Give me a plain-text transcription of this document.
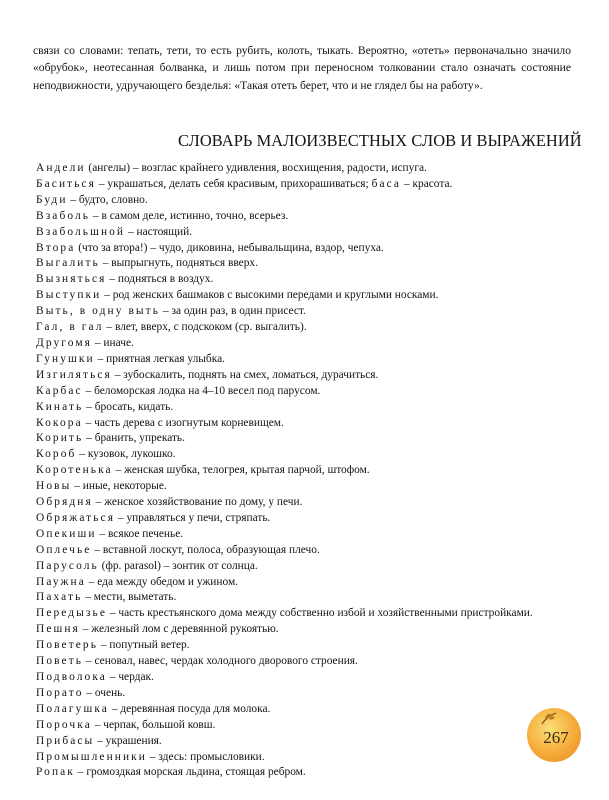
связи со словами: тепать, тети, то есть рубить, колоть, тыкать. Вероятно, «отеть» первоначально значило «обрубок», неотесанная болванка, и лишь потом при переносном толковании стало означать состояние неподвижности, удручающего безделья: «Такая отеть берет, что и не глядел бы на работу».

СЛОВАРЬ МАЛОИЗВЕСТНЫХ СЛОВ И ВЫРАЖЕНИЙ
Андели (ангелы) – возглас крайнего удивления, восхищения, радости, испуга.
Баситься – украшаться, делать себя красивым, прихорашиваться; баса – красота.
Буди – будто, словно.
Взаболь – в самом деле, истинно, точно, всерьез.
Взабольшной – настоящий.
Втора (что за втора!) – чудо, диковина, небывальщина, вздор, чепуха.
Выгалить – выпрыгнуть, подняться вверх.
Вызняться – подняться в воздух.
Выступки – род женских башмаков с высокими передами и круглыми носками.
Выть, в одну выть – за один раз, в один присест.
Гал, в гал – влет, вверх, с подскоком (ср. выгалить).
Другомя – иначе.
Гунушки – приятная легкая улыбка.
Изгиляться – зубоскалить, поднять на смех, ломаться, дурачиться.
Карбас – беломорская лодка на 4–10 весел под парусом.
Кинать – бросать, кидать.
Кокора – часть дерева с изогнутым корневищем.
Корить – бранить, упрекать.
Короб – кузовок, лукошко.
Коротенька – женская шубка, телогрея, крытая парчой, штофом.
Новы – иные, некоторые.
Обрядня – женское хозяйствование по дому, у печи.
Обряжаться – управляться у печи, стряпать.
Опекиши – всякое печенье.
Оплечье – вставной лоскут, полоса, образующая плечо.
Парусоль (фр. parasol) – зонтик от солнца.
Паужна – еда между обедом и ужином.
Пахать – мести, выметать.
Передызье – часть крестьянского дома между собственно избой и хозяйственными пристройками.
Пешня – железный лом с деревянной рукоятью.
Поветерь – попутный ветер.
Поветь – сеновал, навес, чердак холодного дворового строения.
Подволока – чердак.
Порато – очень.
Полагушка – деревянная посуда для молока.
Порочка – черпак, большой ковш.
Прибасы – украшения.
Промышленники – здесь: промысловики.
Ропак – громоздкая морская льдина, стоящая ребром.
267
